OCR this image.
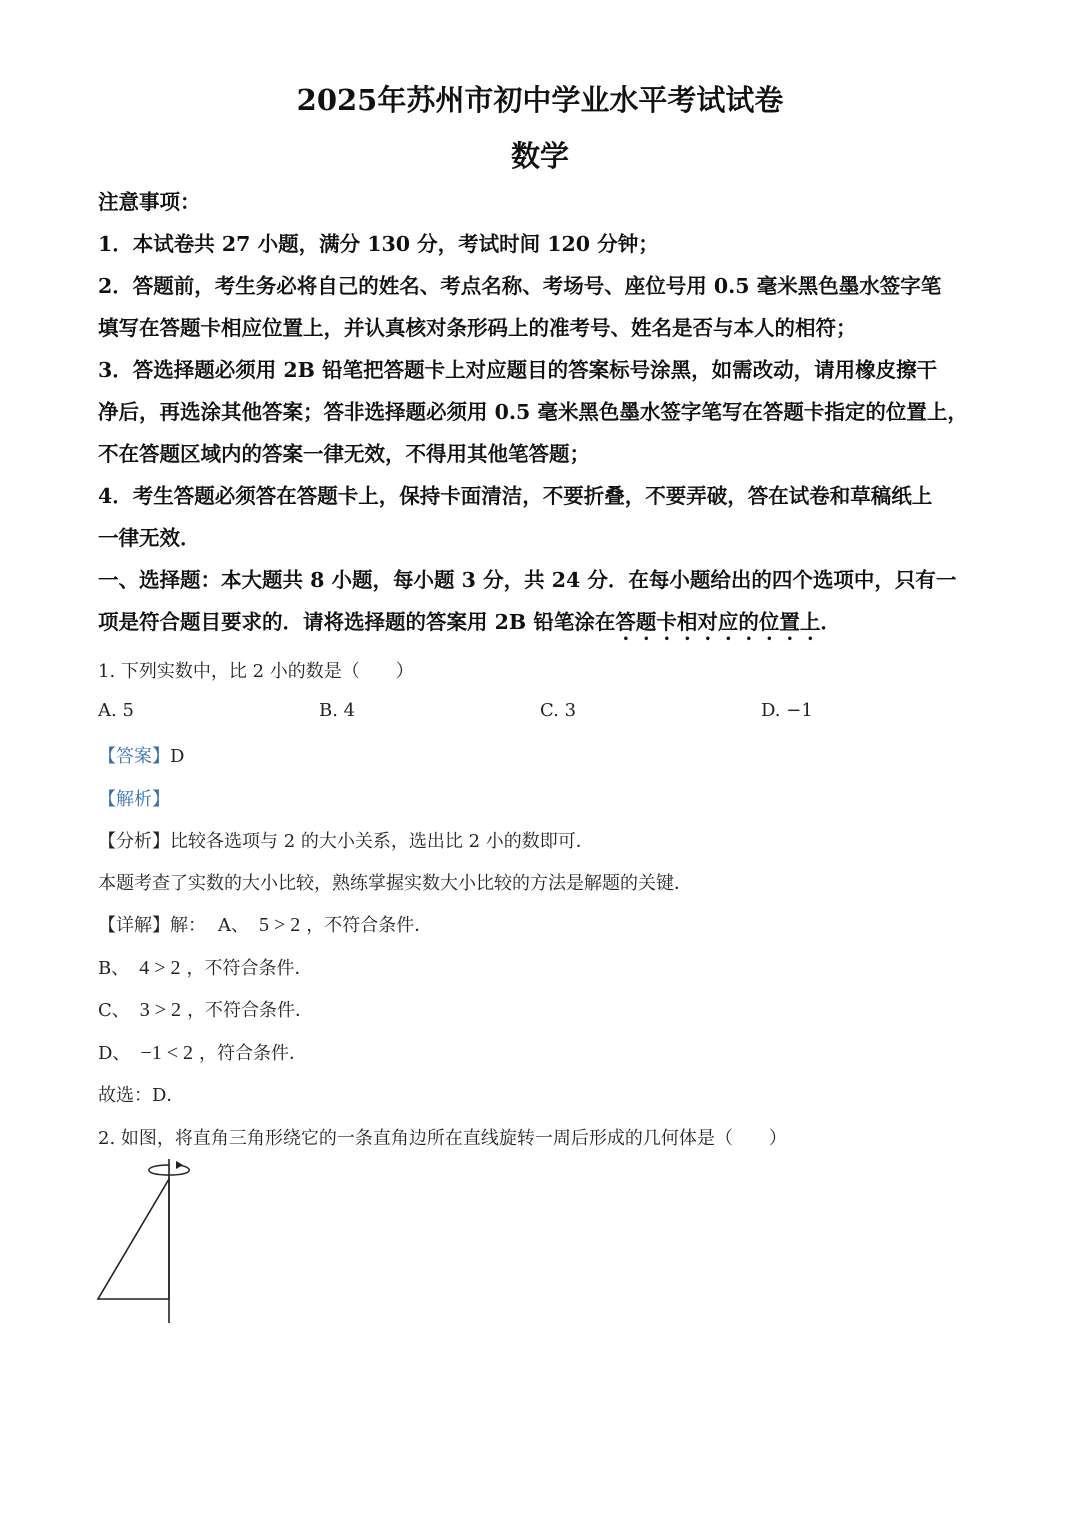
2025年苏州市初中学业水平考试试卷
数学
注意事项：
1．本试卷共 27 小题，满分 130 分，考试时间 120 分钟；
2．答题前，考生务必将自己的姓名、考点名称、考场号、座位号用 0.5 毫米黑色墨水签字笔
填写在答题卡相应位置上，并认真核对条形码上的准考号、姓名是否与本人的相符；
3．答选择题必须用 2B 铅笔把答题卡上对应题目的答案标号涂黑，如需改动，请用橡皮擦干
净后，再选涂其他答案；答非选择题必须用 0.5 毫米黑色墨水签字笔写在答题卡指定的位置上，
不在答题区域内的答案一律无效，不得用其他笔答题；
4．考生答题必须答在答题卡上，保持卡面清洁，不要折叠，不要弄破，答在试卷和草稿纸上
一律无效．
一、选择题：本大题共 8 小题，每小题 3 分，共 24 分．在每小题给出的四个选项中，只有一
项是符合题目要求的．请将选择题的答案用 2B 铅笔涂在答题卡相对应的位置上．
1. 下列实数中，比 2 小的数是（　　）
A. 5	B. 4	C. 3	D. −1
【答案】D
【解析】
【分析】比较各选项与 2 的大小关系，选出比 2 小的数即可．
本题考查了实数的大小比较，熟练掌握实数大小比较的方法是解题的关键．
【详解】解： A、 5 > 2 ，不符合条件．
B、 4 > 2 ，不符合条件．
C、 3 > 2 ，不符合条件．
D、 −1 < 2 ，符合条件．
故选：D．
2. 如图，将直角三角形绕它的一条直角边所在直线旋转一周后形成的几何体是（　　）
